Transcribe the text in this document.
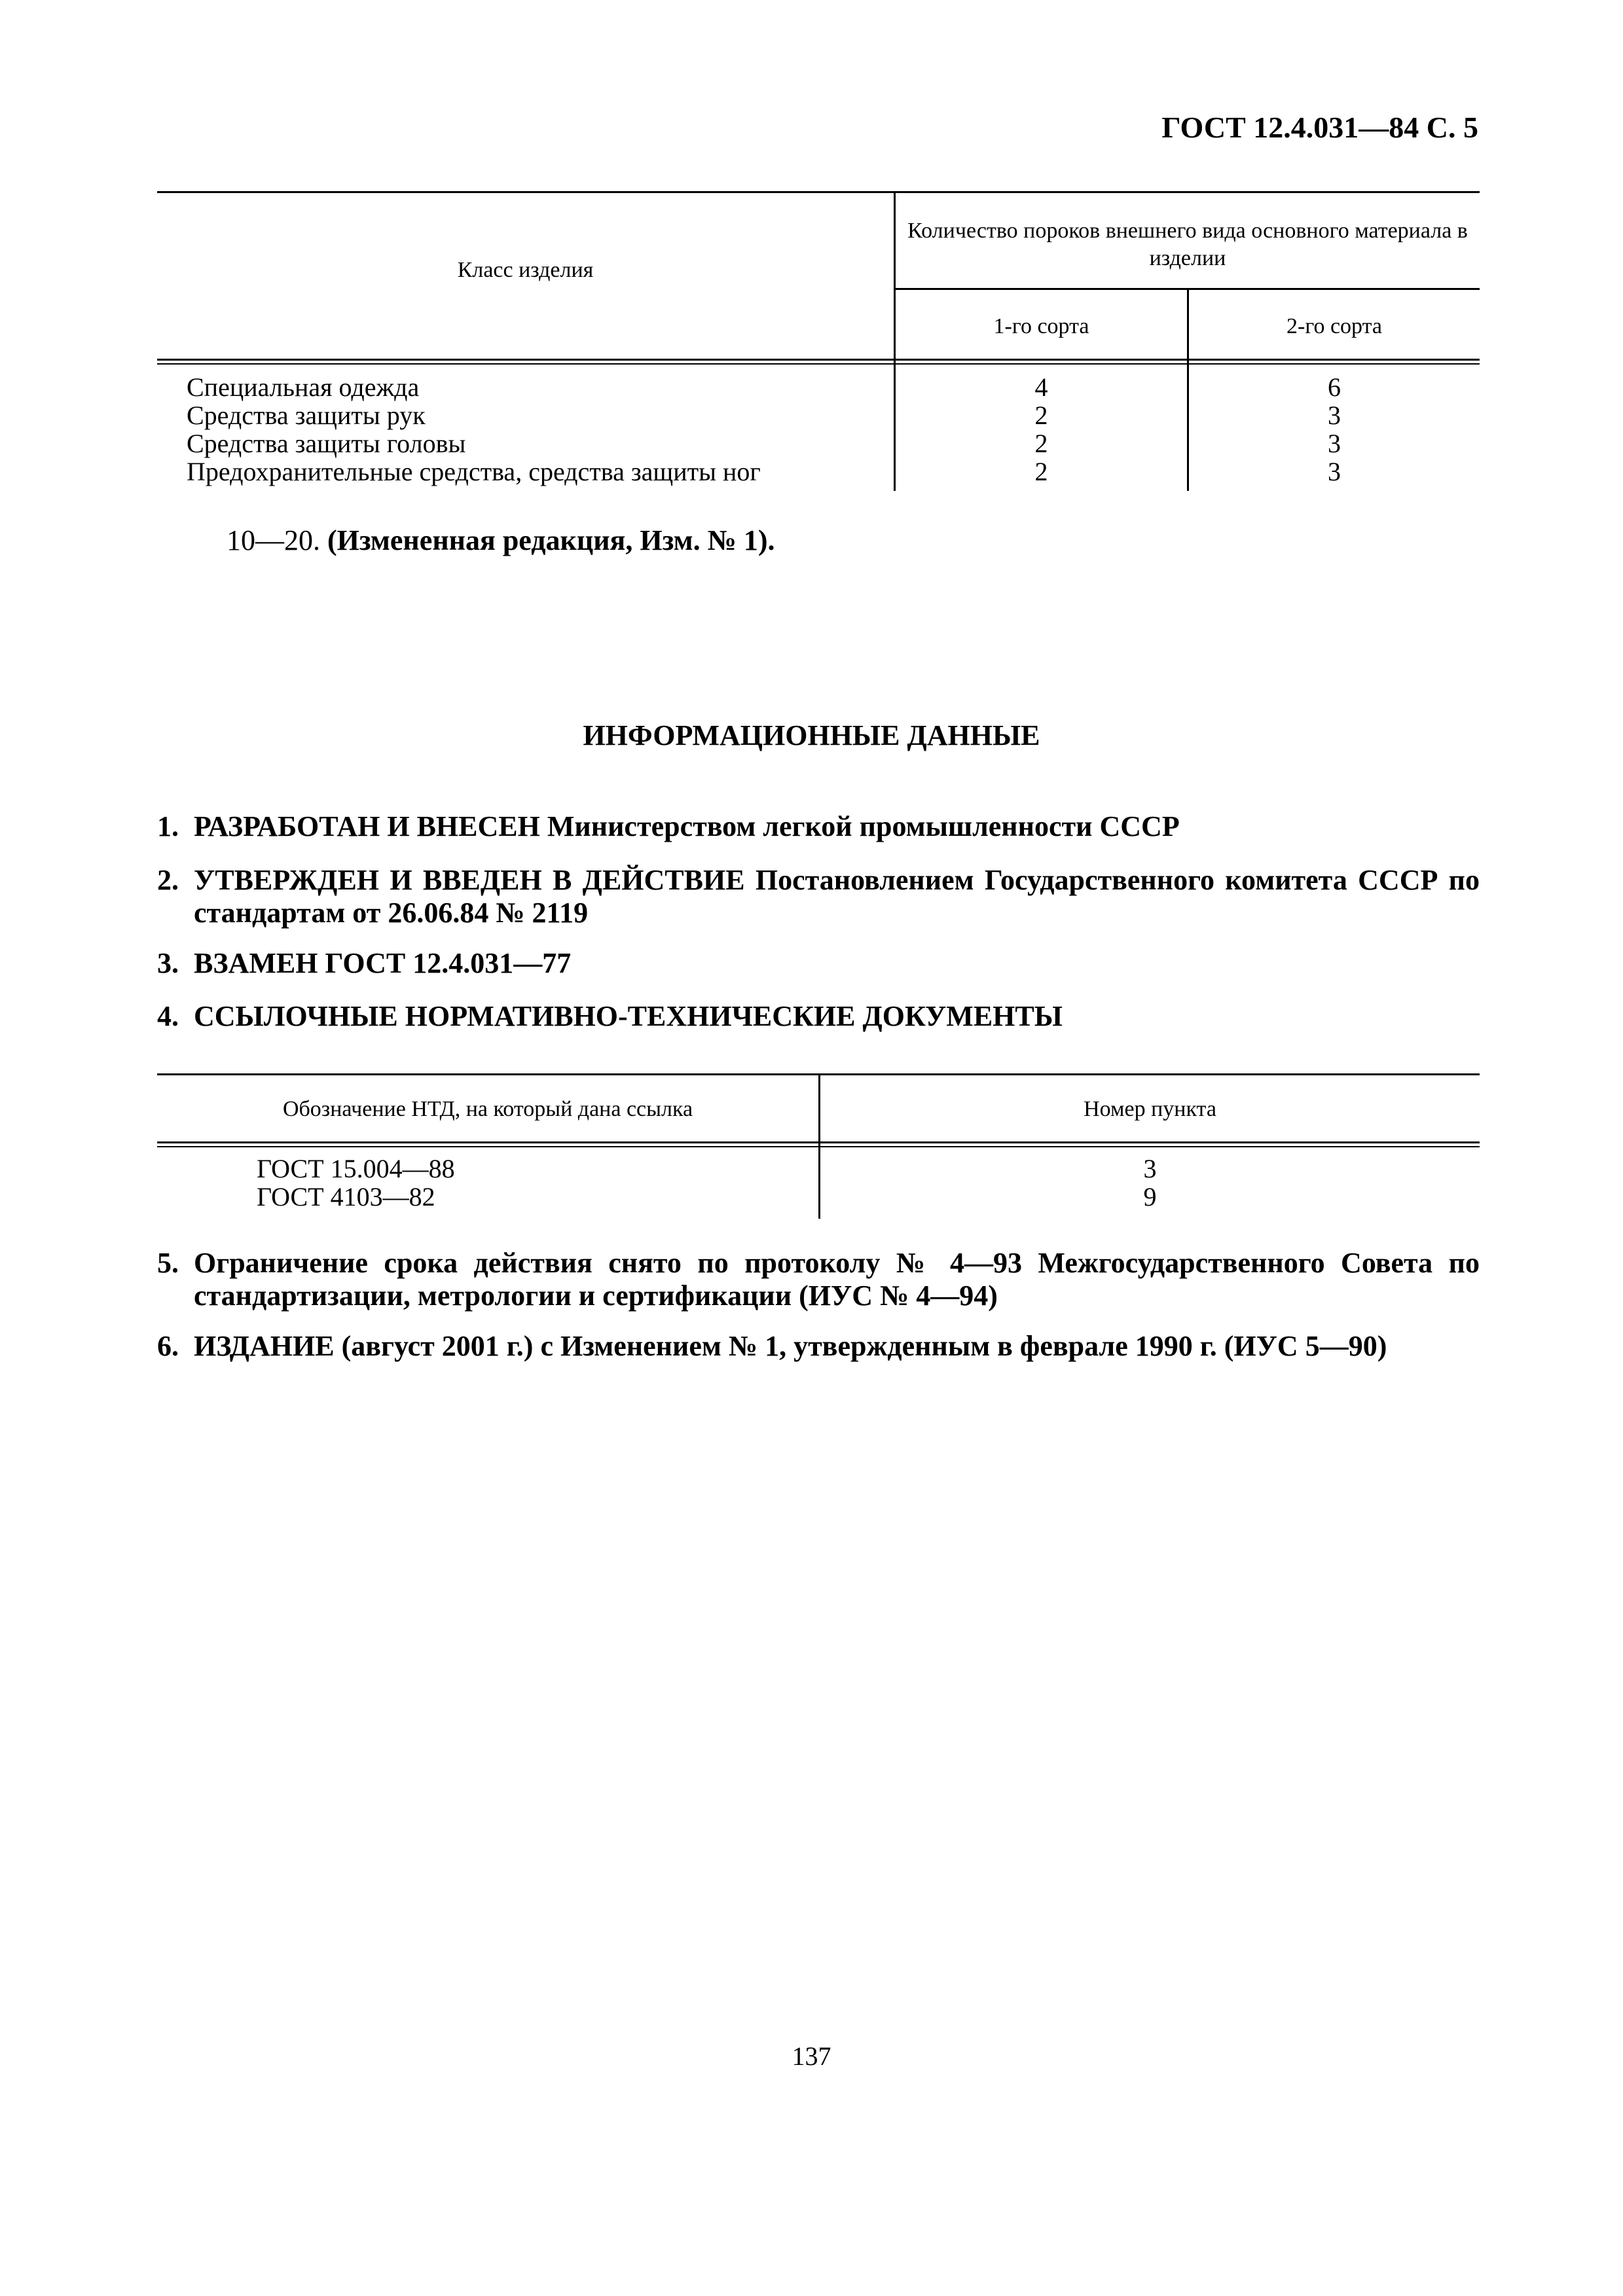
ГОСТ 12.4.031—84 С. 5
Класс изделия
Количество пороков внешнего вида основного материала в изделии
1-го сорта	2-го сорта
Специальная одежда	4	6
Средства защиты рук	2	3
Средства защиты головы	2	3
Предохранительные средства, средства защиты ног	2	3
10—20. (Измененная редакция, Изм. № 1).
ИНФОРМАЦИОННЫЕ ДАННЫЕ
1. РАЗРАБОТАН И ВНЕСЕН Министерством легкой промышленности СССР
2. УТВЕРЖДЕН И ВВЕДЕН В ДЕЙСТВИЕ Постановлением Государственного комитета СССР по стандартам от 26.06.84 № 2119
3. ВЗАМЕН ГОСТ 12.4.031—77
4. ССЫЛОЧНЫЕ НОРМАТИВНО-ТЕХНИЧЕСКИЕ ДОКУМЕНТЫ
Обозначение НТД, на который дана ссылка	Номер пункта
ГОСТ 15.004—88	3
ГОСТ 4103—82	9
5. Ограничение срока действия снято по протоколу № 4—93 Межгосударственного Совета по стандартизации, метрологии и сертификации (ИУС № 4—94)
6. ИЗДАНИЕ (август 2001 г.) с Изменением № 1, утвержденным в феврале 1990 г. (ИУС 5—90)
137
